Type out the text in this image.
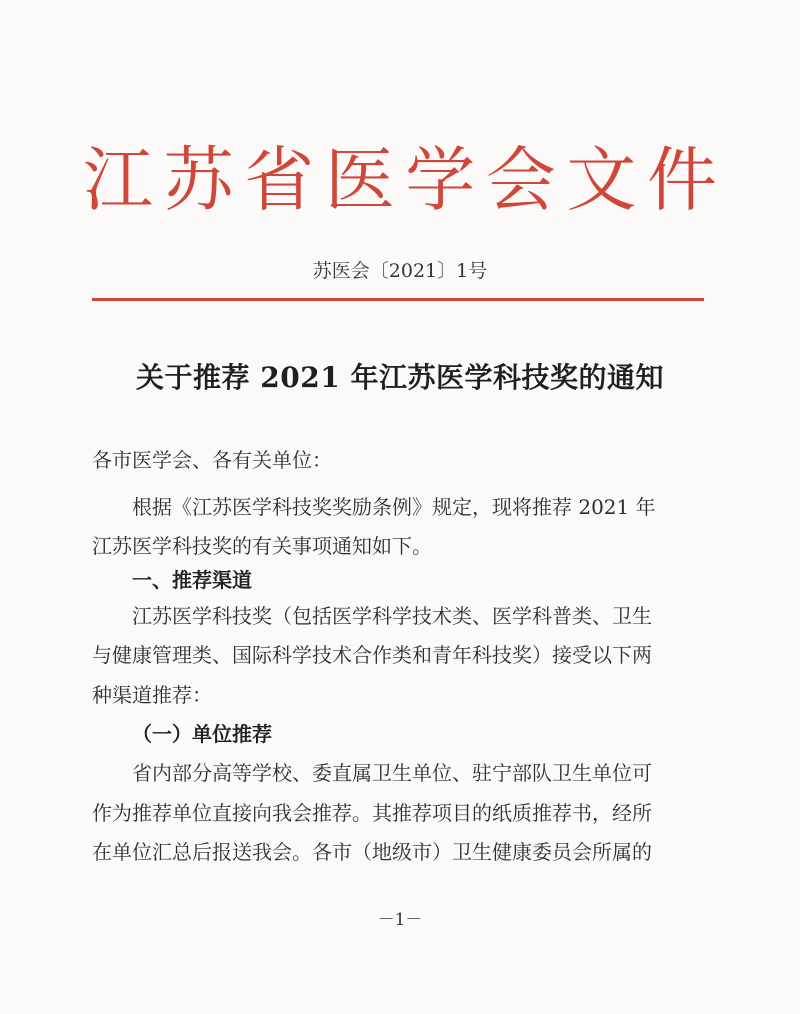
江 苏 省 医 学 会 文 件
苏医会〔2021〕1号
关于推荐 2021 年江苏医学科技奖的通知
各市医学会、各有关单位：
根据《江苏医学科技奖奖励条例》规定，现将推荐 2021 年
江苏医学科技奖的有关事项通知如下。
一、推荐渠道
江苏医学科技奖（包括医学科学技术类、医学科普类、卫生
与健康管理类、国际科学技术合作类和青年科技奖）接受以下两
种渠道推荐：
（一）单位推荐
省内部分高等学校、委直属卫生单位、驻宁部队卫生单位可
作为推荐单位直接向我会推荐。其推荐项目的纸质推荐书，经所
在单位汇总后报送我会。各市（地级市）卫生健康委员会所属的
－1－
